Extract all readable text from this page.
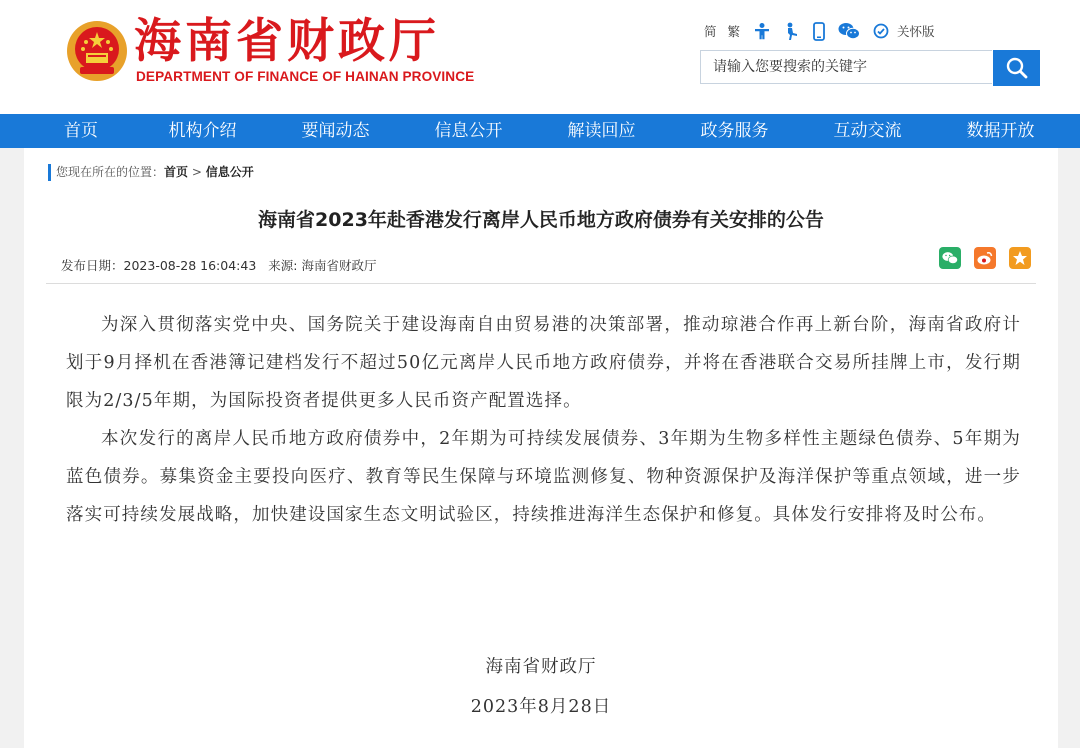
海南省财政厅
DEPARTMENT OF FINANCE OF HAINAN PROVINCE
简 繁	关怀版
请输入您要搜索的关键字
首页	机构介绍	要闻动态	信息公开	解读回应	政务服务	互动交流	数据开放
您现在所在的位置：首页 > 信息公开
海南省2023年赴香港发行离岸人民币地方政府债券有关安排的公告
发布日期：2023-08-28 16:04:43 来源: 海南省财政厅

为深入贯彻落实党中央、国务院关于建设海南自由贸易港的决策部署，推动琼港合作再上新台阶，海南省政府计划于9月择机在香港簿记建档发行不超过50亿元离岸人民币地方政府债券，并将在香港联合交易所挂牌上市，发行期限为2/3/5年期，为国际投资者提供更多人民币资产配置选择。

本次发行的离岸人民币地方政府债券中，2年期为可持续发展债券、3年期为生物多样性主题绿色债券、5年期为蓝色债券。募集资金主要投向医疗、教育等民生保障与环境监测修复、物种资源保护及海洋保护等重点领域，进一步落实可持续发展战略，加快建设国家生态文明试验区，持续推进海洋生态保护和修复。具体发行安排将及时公布。

海南省财政厅
2023年8月28日
